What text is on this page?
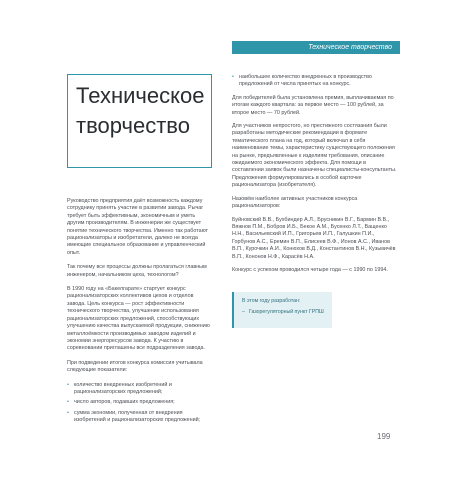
Техническое творчество
Техническое
творчество

Руководство предприятия даёт возможность каждому сотруднику принять участие в развитии завода. Рычаг требует быть эффективным, экономичным и уметь другим производителям. В инженерии же существует понятие технического творчества. Именно так работают рационализаторы и изобретатели, далеко не всегда имеющие специальное образование и управленческий опыт.

Так почему все процессы должны пролагаться главным инженером, начальником цеха, технологом?

В 1990 году на «Бакелгарате» стартует конкурс рационализаторских коллективов цехов и отделов завода. Цель конкурса — рост эффективности технического творчества, улучшение использования рационализаторских предложений, способствующих улучшению качества выпускаемой продукции, снижению металлоёмкости производимых заводом изделий и экономии энергоресурсов завода. К участию в соревновании приглашены все подразделения завода.

При подведении итогов конкурса комиссия учитывала следующие показатели:

• количество внедренных изобретений и рационализаторских предложений;
• число авторов, подавших предложения;
• сумма экономии, полученная от внедрения изобретений и рационализаторских предложений;
• наибольшее количество внедренных в производство предложений от числа принятых на конкурс.

Для победителей была установлена премия, выплачиваемая по итогам каждого квартала: за первое место — 100 рублей, за второе место — 70 рублей.

Для участников непростого, но престижного состязания были разработаны методические рекомендации в формате тематического плана на год, который включал в себя наименование темы, характеристику существующего положения на рынке, предъявленные к изделиям требования, описание ожидаемого экономического эффекта. Для помощи в составлении заявок были назначены специалисты-консультанты. Предложения формулировались в особой карточке рационализатора (изобретателя).

Назовём наиболее активных участников конкурса рационализаторов:

Буйновский В.В., Бухбиндер А.Л., Брусникин В.Г., Бармин В.В., Вяжнов П.М., Бобров И.Б., Бекое А.М., Бусенко Л.Т., Ващенко Н.Н., Васильевский И.П., Григорьев И.П., Галушкин П.И., Горбунов А.С., Еремин В.П., Елисеев В.Ф., Ионов А.С., Иванов В.П., Курочкин А.И., Конюхов В.Д., Константинов В.Н., Кузьмичёв В.П., Кононов Н.Ф., Карасёв Н.А.

Конкурс с успехом проводился четыре года — с 1990 по 1994.

В этом году разработан:

– Газорегуляторный пункт ГРПШ
199
